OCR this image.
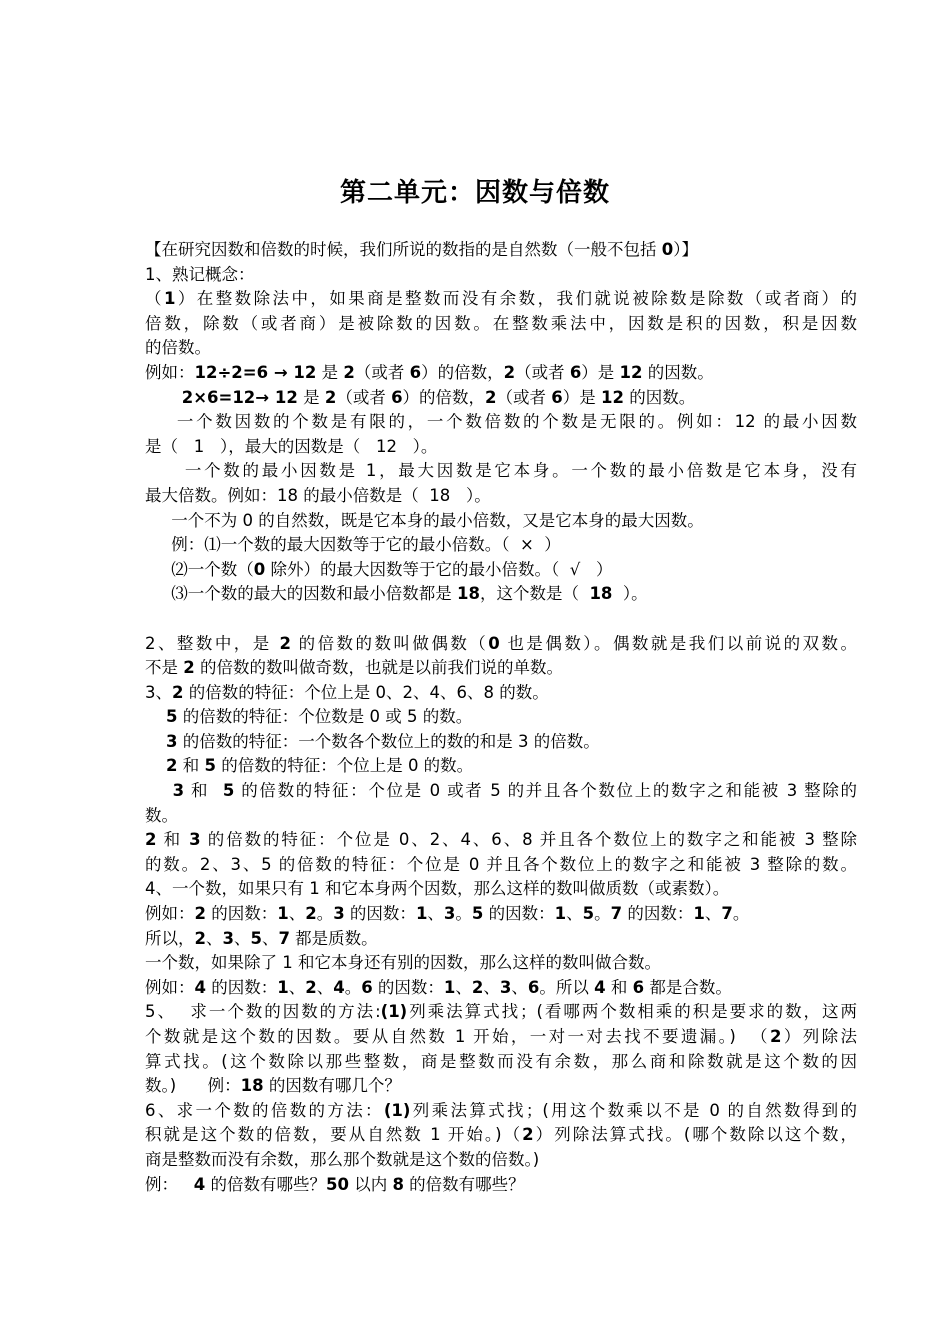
第二单元：因数与倍数
【在研究因数和倍数的时候，我们所说的数指的是自然数（一般不包括 0）】
1、熟记概念：
（1）在整数除法中，如果商是整数而没有余数，我们就说被除数是除数（或者商）的
倍数，除数（或者商）是被除数的因数。在整数乘法中，因数是积的因数，积是因数
的倍数。
例如：12÷2=6 → 12 是 2（或者 6）的倍数，2（或者 6）是 12 的因数。
2×6=12→ 12 是 2（或者 6）的倍数，2（或者 6）是 12 的因数。
一个数因数的个数是有限的，一个数倍数的个数是无限的。例如：12 的最小因数
是（   1   ），最大的因数是（   12   ）。
一个数的最小因数是 1，最大因数是它本身。一个数的最小倍数是它本身，没有
最大倍数。例如：18 的最小倍数是（  18   ）。
一个不为 0 的自然数，既是它本身的最小倍数，又是它本身的最大因数。
例：⑴一个数的最大因数等于它的最小倍数。（  ×  ）
⑵一个数（0 除外）的最大因数等于它的最小倍数。（  √   ）
⑶一个数的最大的因数和最小倍数都是 18，这个数是（  18  ）。
2、整数中，是 2 的倍数的数叫做偶数（0 也是偶数）。偶数就是我们以前说的双数。
不是 2 的倍数的数叫做奇数，也就是以前我们说的单数。
3、2 的倍数的特征：个位上是 0、2、4、6、8 的数。
5 的倍数的特征：个位数是 0 或 5 的数。
3 的倍数的特征：一个数各个数位上的数的和是 3 的倍数。
2 和 5 的倍数的特征：个位上是 0 的数。
3 和  5 的倍数的特征：个位是 0 或者 5 的并且各个数位上的数字之和能被 3 整除的
数。
2 和 3 的倍数的特征：个位是 0、2、4、6、8 并且各个数位上的数字之和能被 3 整除
的数。2、3、5 的倍数的特征：个位是 0 并且各个数位上的数字之和能被 3 整除的数。
4、一个数，如果只有 1 和它本身两个因数，那么这样的数叫做质数（或素数）。
例如：2 的因数：1、2。3 的因数：1、3。5 的因数：1、5。7 的因数：1、7。
所以，2、3、5、7 都是质数。
一个数，如果除了 1 和它本身还有别的因数，那么这样的数叫做合数。
例如：4 的因数：1、2、4。6 的因数：1、2、3、6。所以 4 和 6 都是合数。
5、  求一个数的因数的方法:(1)列乘法算式找；(看哪两个数相乘的积是要求的数，这两
个数就是这个数的因数。要从自然数 1 开始，一对一对去找不要遗漏。)  （2）列除法
算式找。(这个数除以那些整数，商是整数而没有余数，那么商和除数就是这个数的因
数。)      例：18 的因数有哪几个？
6、求一个数的倍数的方法：(1)列乘法算式找；(用这个数乘以不是 0 的自然数得到的
积就是这个数的倍数，要从自然数 1 开始。)（2）列除法算式找。(哪个数除以这个数，
商是整数而没有余数，那么那个数就是这个数的倍数。)
例：   4 的倍数有哪些？50 以内 8 的倍数有哪些？
